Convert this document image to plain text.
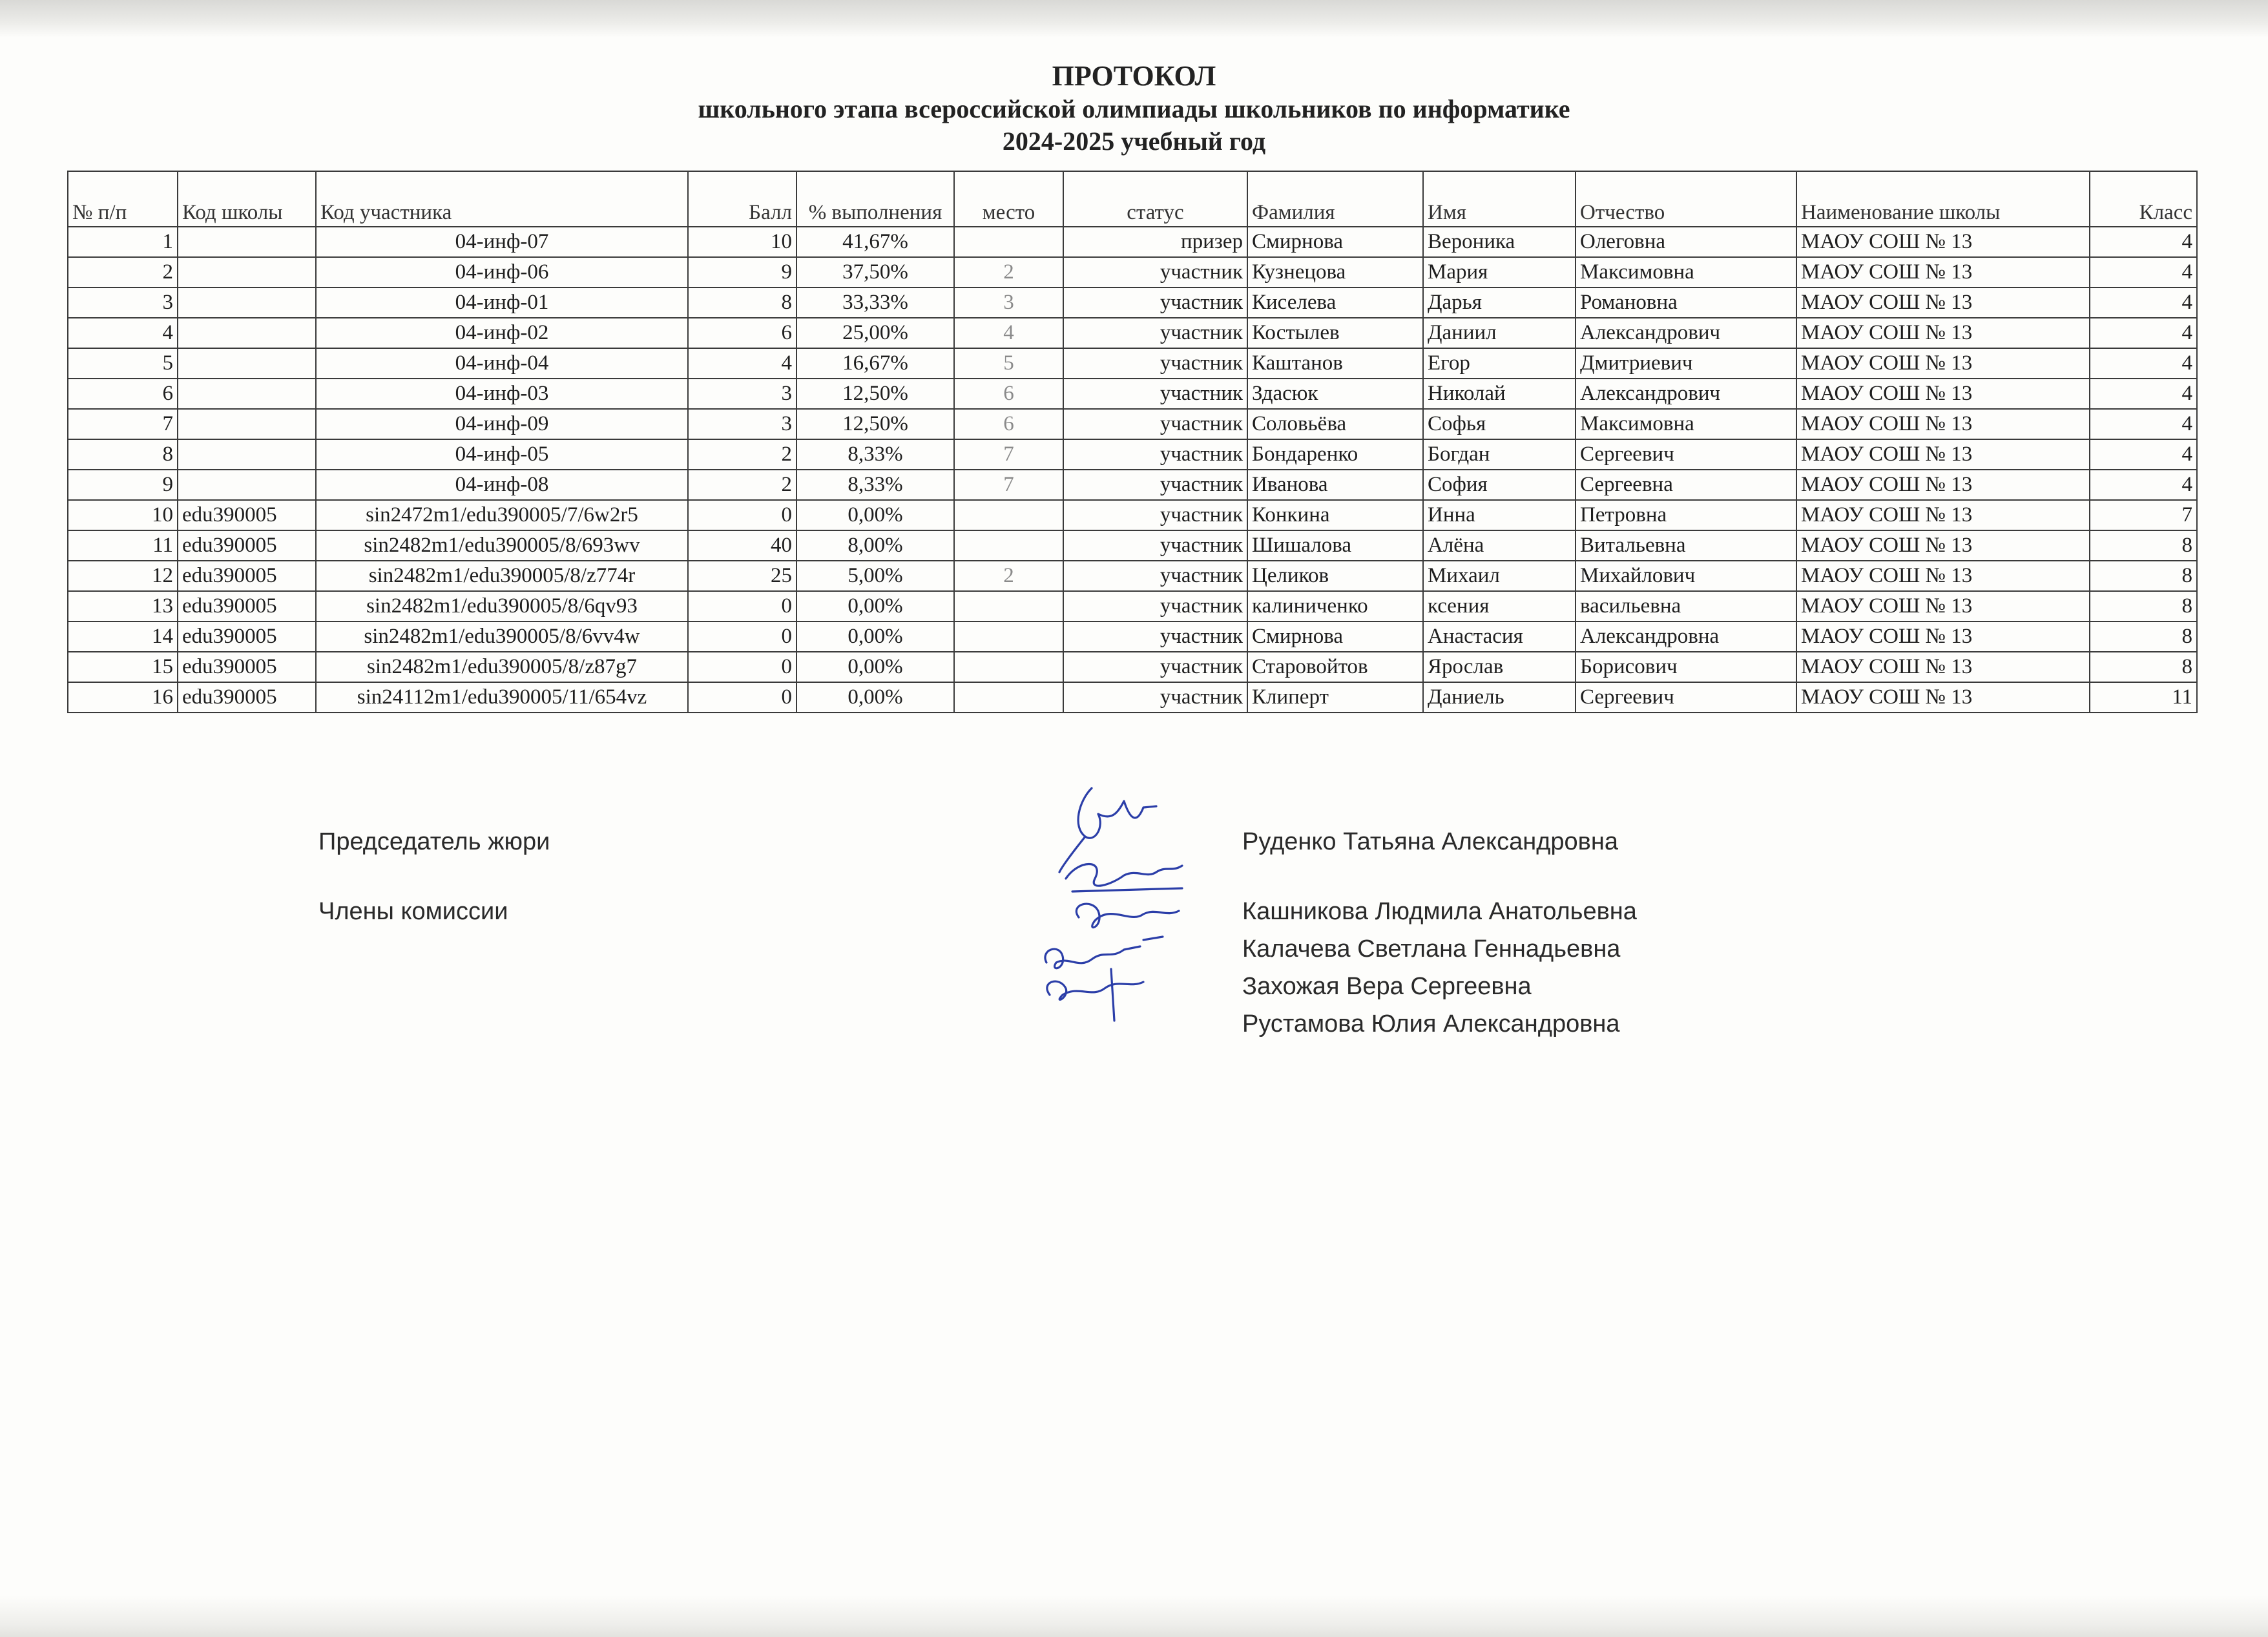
ПРОТОКОЛ
школьного этапа всероссийской олимпиады школьников по информатике
2024-2025 учебный год
№ п/п	Код школы	Код участника	Балл	% выполнения	место	статус	Фамилия	Имя	Отчество	Наименование школы	Класс
1		04-инф-07	10	41,67%		призер	Смирнова	Вероника	Олеговна	МАОУ СОШ № 13	4
2		04-инф-06	9	37,50%	2	участник	Кузнецова	Мария	Максимовна	МАОУ СОШ № 13	4
3		04-инф-01	8	33,33%	3	участник	Киселева	Дарья	Романовна	МАОУ СОШ № 13	4
4		04-инф-02	6	25,00%	4	участник	Костылев	Даниил	Александрович	МАОУ СОШ № 13	4
5		04-инф-04	4	16,67%	5	участник	Каштанов	Егор	Дмитриевич	МАОУ СОШ № 13	4
6		04-инф-03	3	12,50%	6	участник	Здасюк	Николай	Александрович	МАОУ СОШ № 13	4
7		04-инф-09	3	12,50%	6	участник	Соловьёва	Софья	Максимовна	МАОУ СОШ № 13	4
8		04-инф-05	2	8,33%	7	участник	Бондаренко	Богдан	Сергеевич	МАОУ СОШ № 13	4
9		04-инф-08	2	8,33%	7	участник	Иванова	София	Сергеевна	МАОУ СОШ № 13	4
10	edu390005	sin2472m1/edu390005/7/6w2r5	0	0,00%		участник	Конкина	Инна	Петровна	МАОУ СОШ № 13	7
11	edu390005	sin2482m1/edu390005/8/693wv	40	8,00%		участник	Шишалова	Алёна	Витальевна	МАОУ СОШ № 13	8
12	edu390005	sin2482m1/edu390005/8/z774r	25	5,00%	2	участник	Целиков	Михаил	Михайлович	МАОУ СОШ № 13	8
13	edu390005	sin2482m1/edu390005/8/6qv93	0	0,00%		участник	калиниченко	ксения	васильевна	МАОУ СОШ № 13	8
14	edu390005	sin2482m1/edu390005/8/6vv4w	0	0,00%		участник	Смирнова	Анастасия	Александровна	МАОУ СОШ № 13	8
15	edu390005	sin2482m1/edu390005/8/z87g7	0	0,00%		участник	Старовойтов	Ярослав	Борисович	МАОУ СОШ № 13	8
16	edu390005	sin24112m1/edu390005/11/654vz	0	0,00%		участник	Клиперт	Даниель	Сергеевич	МАОУ СОШ № 13	11
Председатель жюри	Руденко Татьяна Александровна
Члены комиссии	Кашникова Людмила Анатольевна
Калачева Светлана Геннадьевна
Захожая Вера Сергеевна
Рустамова Юлия Александровна
